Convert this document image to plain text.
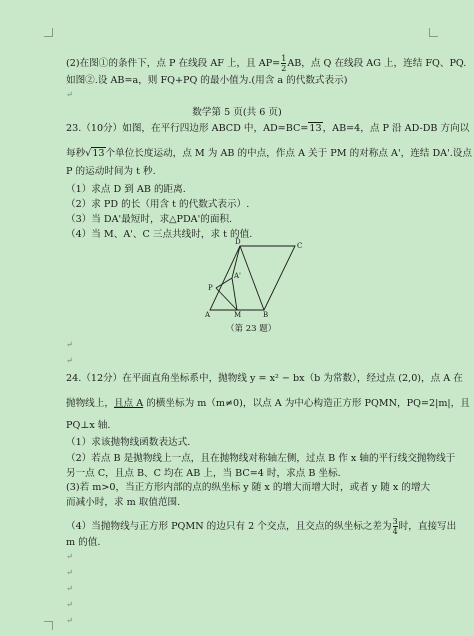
(2)在图①的条件下，点 P 在线段 AF 上，且 $AP= \frac{1}{2}$ AB，点 Q 在线段 AG 上，连结 FQ、PQ.
如图②.设 AB=a，则 FQ+PQ 的最小值为.(用含 a 的代数式表示)
↵
数学第 5 页(共 6 页)
23.（10分）如图，在平行四边形 ABCD 中，AD=BC=13，AB=4，点 P 沿 AD-DB 方向以
每秒√13个单位长度运动，点 M 为 AB 的中点，作点 A 关于 PM 的对称点 A'，连结 DA'.设点
P 的运动时间为 t 秒.
（1）求点 D 到 AB 的距离.
（2）求 PD 的长（用含 t 的代数式表示）.
（3）当 DA'最短时，求△PDA'的面积.
（4）当 M、A'、C 三点共线时，求 t 的值.
D	C
A'
P
A	M	B
（第 23 题）
↵
↵
24.（12分）在平面直角坐标系中，抛物线 y = x² − bx（b 为常数），经过点 (2,0)，点 A 在
抛物线上，且点 A 的横坐标为 m（m≠0)，以点 A 为中心构造正方形 PQMN，PQ=2|m|，且
PQ⊥x 轴.
（1）求该抛物线函数表达式.
（2）若点 B 是抛物线上一点，且在抛物线对称轴左侧，过点 B 作 x 轴的平行线交抛物线于
另一点 C，且点 B、C 均在 AB 上，当 BC=4 时，求点 B 坐标.
(3)若 m>0，当正方形内部的点的纵坐标 y 随 x 的增大而增大时，或者 y 随 x 的增大
而减小时，求 m 取值范围.
（4）当抛物线与正方形 PQMN 的边只有 2 个交点，且交点的纵坐标之差为 $\frac{3}{4}$ 时，直接写出
m 的值.
↵
↵
↵
↵
↵
